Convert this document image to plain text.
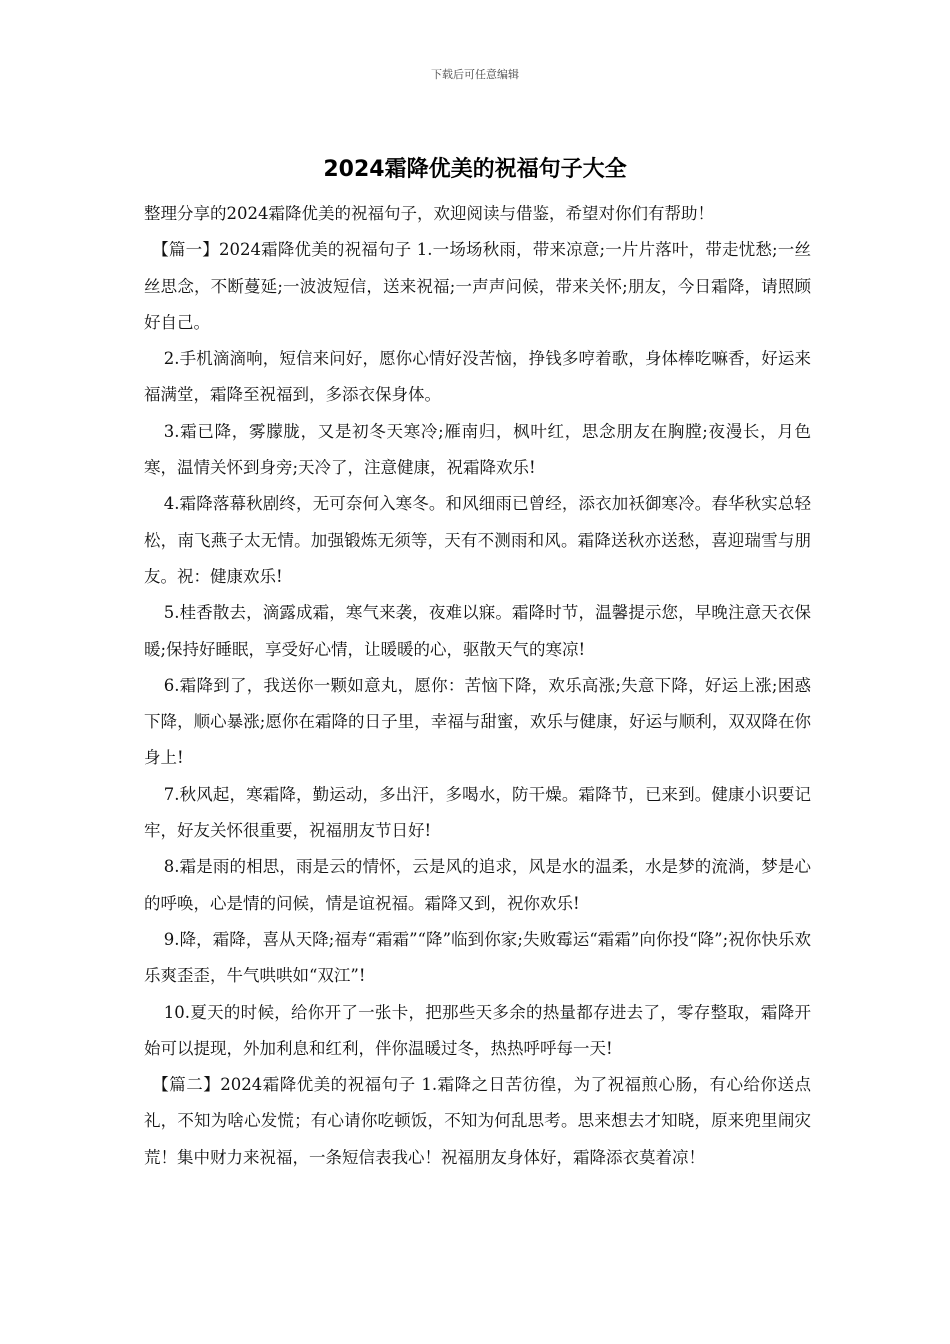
下载后可任意编辑
2024霜降优美的祝福句子大全

整理分享的2024霜降优美的祝福句子，欢迎阅读与借鉴，希望对你们有帮助！

【篇一】2024霜降优美的祝福句子 1.一场场秋雨，带来凉意;一片片落叶，带走忧愁;一丝丝思念，不断蔓延;一波波短信，送来祝福;一声声问候，带来关怀;朋友，今日霜降，请照顾好自己。

2.手机滴滴响，短信来问好，愿你心情好没苦恼，挣钱多哼着歌，身体棒吃嘛香，好运来福满堂，霜降至祝福到，多添衣保身体。

3.霜已降，雾朦胧，又是初冬天寒冷;雁南归，枫叶红，思念朋友在胸膛;夜漫长，月色寒，温情关怀到身旁;天冷了，注意健康，祝霜降欢乐!

4.霜降落幕秋剧终，无可奈何入寒冬。和风细雨已曾经，添衣加袄御寒冷。春华秋实总轻松，南飞燕子太无情。加强锻炼无须等，天有不测雨和风。霜降送秋亦送愁，喜迎瑞雪与朋友。祝：健康欢乐!

5.桂香散去，滴露成霜，寒气来袭，夜难以寐。霜降时节，温馨提示您，早晚注意天衣保暖;保持好睡眠，享受好心情，让暖暖的心，驱散天气的寒凉!

6.霜降到了，我送你一颗如意丸，愿你：苦恼下降，欢乐高涨;失意下降，好运上涨;困惑下降，顺心暴涨;愿你在霜降的日子里，幸福与甜蜜，欢乐与健康，好运与顺利，双双降在你身上!

7.秋风起，寒霜降，勤运动，多出汗，多喝水，防干燥。霜降节，已来到。健康小识要记牢，好友关怀很重要，祝福朋友节日好!

8.霜是雨的相思，雨是云的情怀，云是风的追求，风是水的温柔，水是梦的流淌，梦是心的呼唤，心是情的问候，情是谊祝福。霜降又到，祝你欢乐!

9.降，霜降，喜从天降;福寿“霜霜”“降”临到你家;失败霉运“霜霜”向你投“降”;祝你快乐欢乐爽歪歪，牛气哄哄如“双江”!

10.夏天的时候，给你开了一张卡，把那些天多余的热量都存进去了，零存整取，霜降开始可以提现，外加利息和红利，伴你温暖过冬，热热呼呼每一天!

【篇二】2024霜降优美的祝福句子 1.霜降之日苦彷徨，为了祝福煎心肠，有心给你送点礼，不知为啥心发慌；有心请你吃顿饭，不知为何乱思考。思来想去才知晓，原来兜里闹灾荒！集中财力来祝福，一条短信表我心！祝福朋友身体好，霜降添衣莫着凉！
